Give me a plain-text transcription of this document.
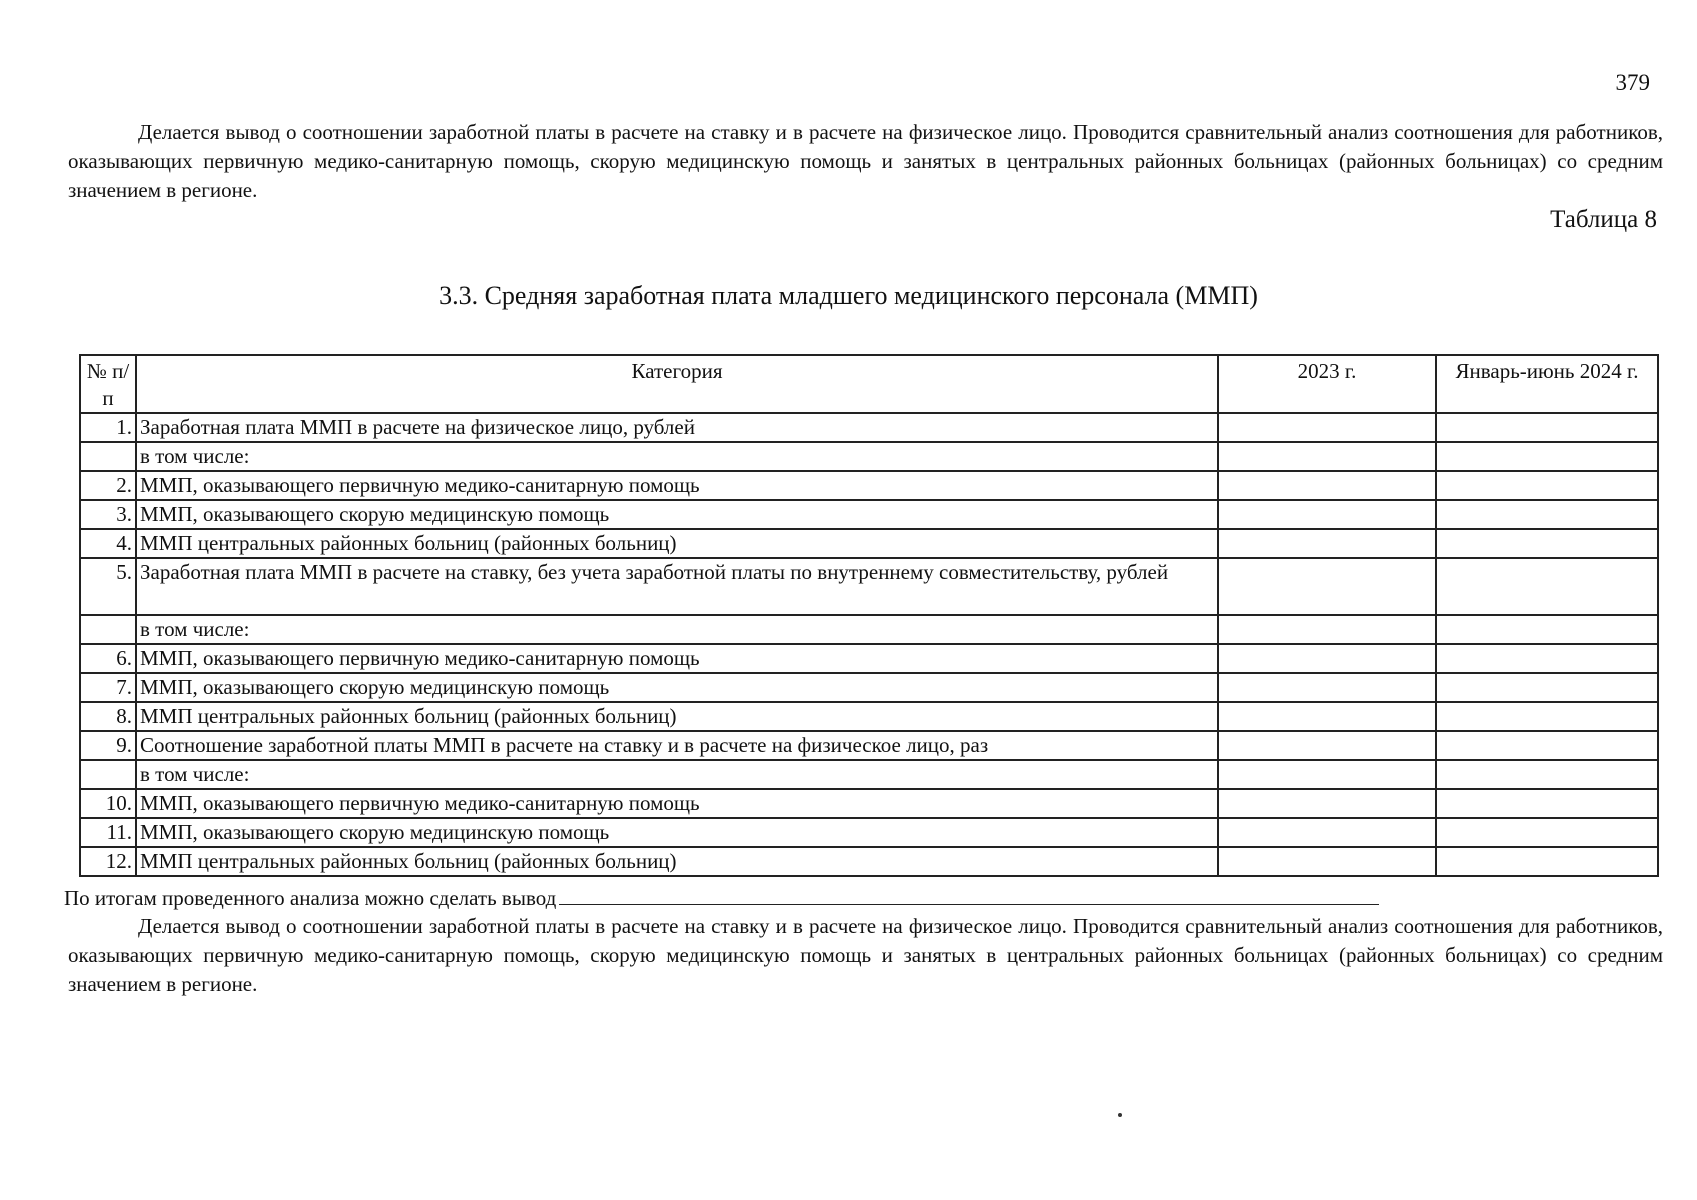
379
Делается вывод о соотношении заработной платы в расчете на ставку и в расчете на физическое лицо. Проводится сравнительный анализ соотношения для работников, оказывающих первичную медико-санитарную помощь, скорую медицинскую помощь и занятых в центральных районных больницах (районных больницах) со средним значением в регионе.
Таблица 8
3.3. Средняя заработная плата младшего медицинского персонала (ММП)
№ п/п	Категория	2023 г.	Январь-июнь 2024 г.
1.	Заработная плата ММП в расчете на физическое лицо, рублей		
	в том числе:		
2.	ММП, оказывающего первичную медико-санитарную помощь		
3.	ММП, оказывающего скорую медицинскую помощь		
4.	ММП центральных районных больниц (районных больниц)		
5.	Заработная плата ММП в расчете на ставку, без учета заработной платы по внутреннему совместительству, рублей		
	в том числе:		
6.	ММП, оказывающего первичную медико-санитарную помощь		
7.	ММП, оказывающего скорую медицинскую помощь		
8.	ММП центральных районных больниц (районных больниц)		
9.	Соотношение заработной платы ММП в расчете на ставку и в расчете на физическое лицо, раз		
	в том числе:		
10.	ММП, оказывающего первичную медико-санитарную помощь		
11.	ММП, оказывающего скорую медицинскую помощь		
12.	ММП центральных районных больниц (районных больниц)		
По итогам проведенного анализа можно сделать вывод
Делается вывод о соотношении заработной платы в расчете на ставку и в расчете на физическое лицо. Проводится сравнительный анализ соотношения для работников, оказывающих первичную медико-санитарную помощь, скорую медицинскую помощь и занятых в центральных районных больницах (районных больницах) со средним значением в регионе.
